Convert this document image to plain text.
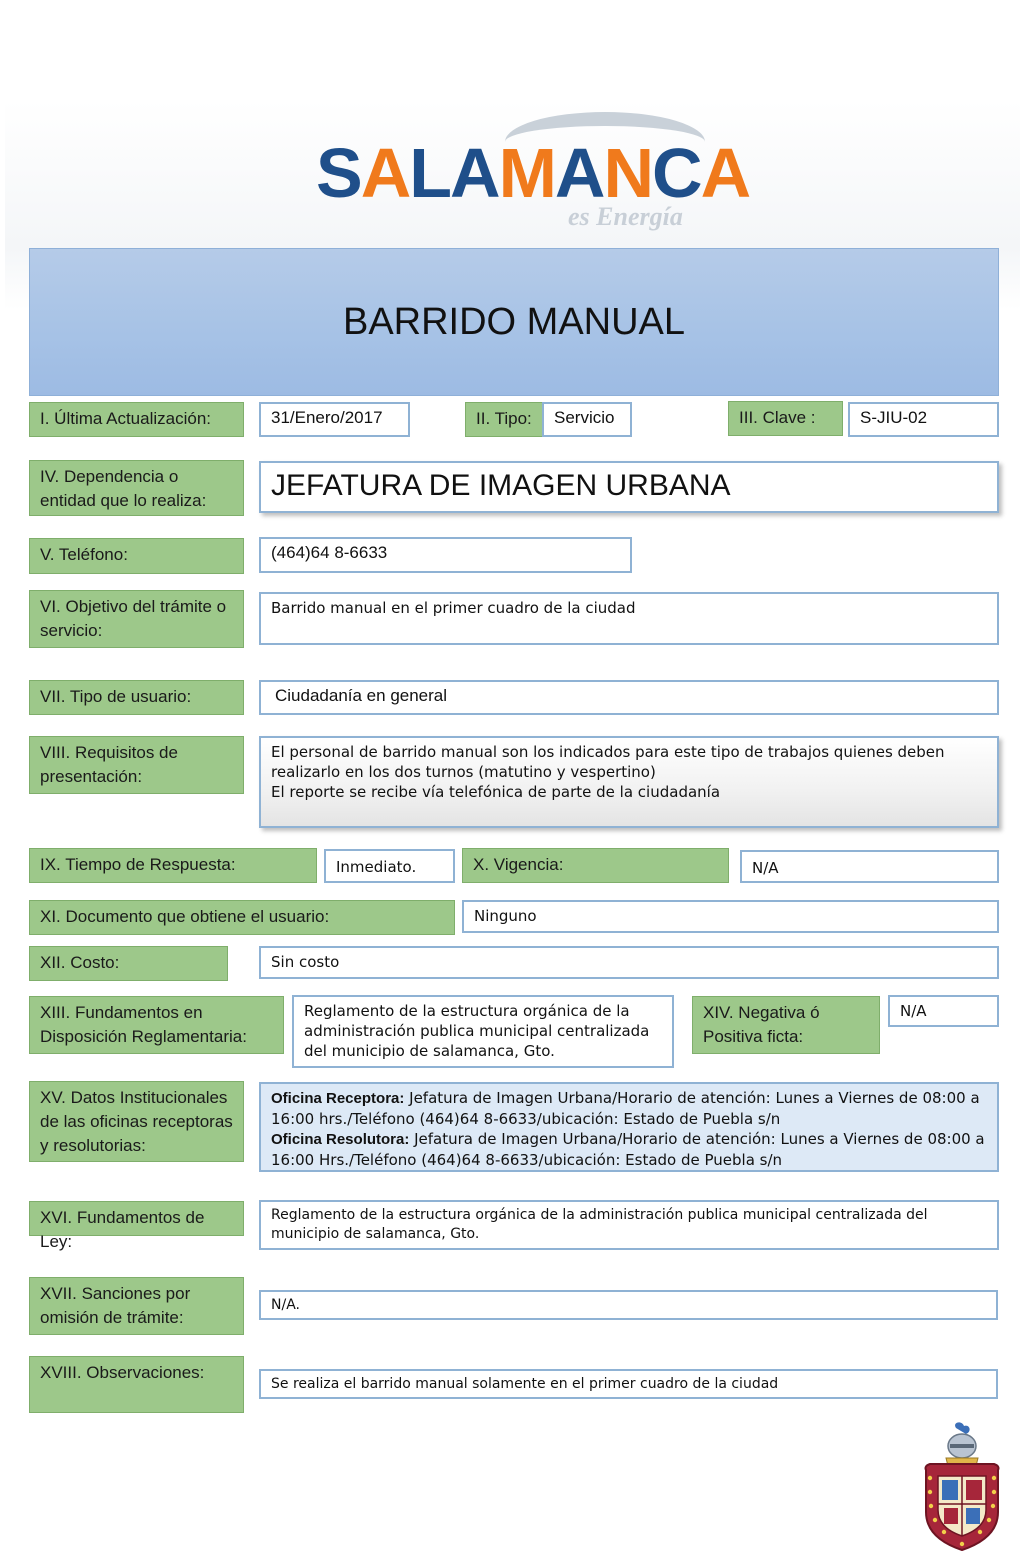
SALAMANCA
es Energía
BARRIDO MANUAL
I. Última Actualización:	31/Enero/2017	II. Tipo:	Servicio	III. Clave :	S-JIU-02
IV. Dependencia o entidad que lo realiza:	JEFATURA DE IMAGEN URBANA
V. Teléfono:	(464)64 8-6633
VI. Objetivo del trámite o servicio:
Barrido manual en el primer cuadro de la ciudad
VII. Tipo de usuario:	Ciudadanía en general
VIII. Requisitos de presentación:
El personal de barrido manual son los indicados para este tipo de trabajos quienes deben realizarlo en los dos turnos (matutino y vespertino)
El reporte se recibe vía telefónica de parte de la ciudadanía
IX. Tiempo de Respuesta:	Inmediato.	X. Vigencia:	N/A
XI. Documento que obtiene el usuario:	Ninguno
XII. Costo:	Sin costo
XIII. Fundamentos en Disposición Reglamentaria:
Reglamento de la estructura orgánica de la administración publica municipal centralizada del municipio de salamanca, Gto.
XIV. Negativa ó Positiva ficta:
N/A
XV. Datos Institucionales de las oficinas receptoras y resolutorias:
Oficina Receptora: Jefatura de Imagen Urbana/Horario de atención: Lunes a Viernes de 08:00 a 16:00 hrs./Teléfono (464)64 8-6633/ubicación: Estado de Puebla s/n
Oficina Resolutora: Jefatura de Imagen Urbana/Horario de atención: Lunes a Viernes de 08:00 a 16:00 Hrs./Teléfono (464)64 8-6633/ubicación: Estado de Puebla s/n
XVI. Fundamentos de Ley:
Reglamento de la estructura orgánica de la administración publica municipal centralizada del municipio de salamanca, Gto.
XVII. Sanciones por omisión de trámite:
N/A.
XVIII. Observaciones:
Se realiza el barrido manual solamente en el primer cuadro de la ciudad
